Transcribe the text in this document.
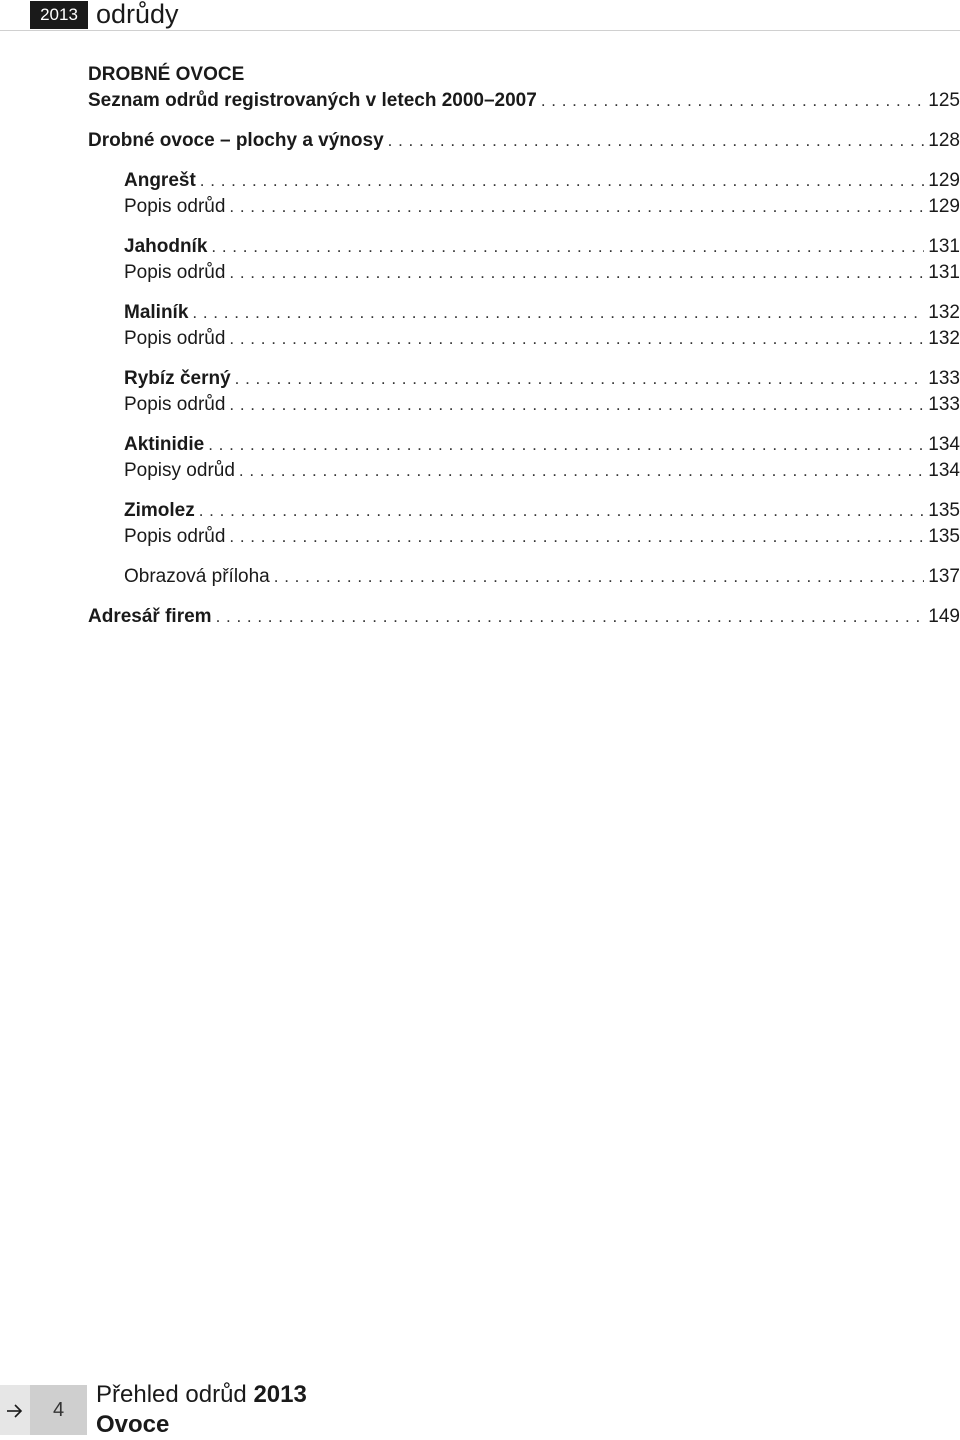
2013 odrůdy
DROBNÉ OVOCE
Seznam odrůd registrovaných v letech 2000–2007 . . .	125
Drobné ovoce – plochy a výnosy . . .	128
Angrešt . . .	129
Popis odrůd . . .	129
Jahodník . . .	131
Popis odrůd . . .	131
Maliník . . .	132
Popis odrůd . . .	132
Rybíz černý . . .	133
Popis odrůd . . .	133
Aktinidie . . .	134
Popisy odrůd . . .	134
Zimolez . . .	135
Popis odrůd . . .	135
Obrazová příloha . . .	137
Adresář firem . . .	149
4
Přehled odrůd 2013
Ovoce
